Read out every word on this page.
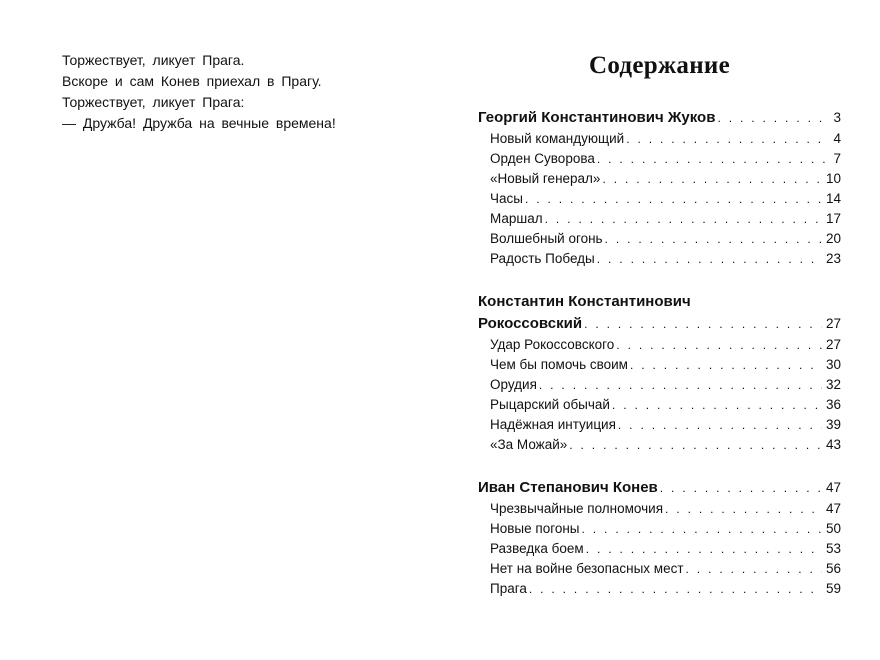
Торжествует, ликует Прага.
Вскоре и сам Конев приехал в Прагу.
Торжествует, ликует Прага:
— Дружба! Дружба на вечные времена!
Содержание
Георгий Константинович Жуков . . .	3
Новый командующий . . .	4
Орден Суворова . . .	7
«Новый генерал» . . .	10
Часы . . .	14
Маршал . . .	17
Волшебный огонь . . .	20
Радость Победы . . .	23
Константин Константинович
Рокоссовский . . .	27
Удар Рокоссовского . . .	27
Чем бы помочь своим . . .	30
Орудия . . .	32
Рыцарский обычай . . .	36
Надёжная интуиция . . .	39
«За Можай» . . .	43
Иван Степанович Конев . . .	47
Чрезвычайные полномочия . . .	47
Новые погоны . . .	50
Разведка боем . . .	53
Нет на войне безопасных мест . . .	56
Прага . . .	59
